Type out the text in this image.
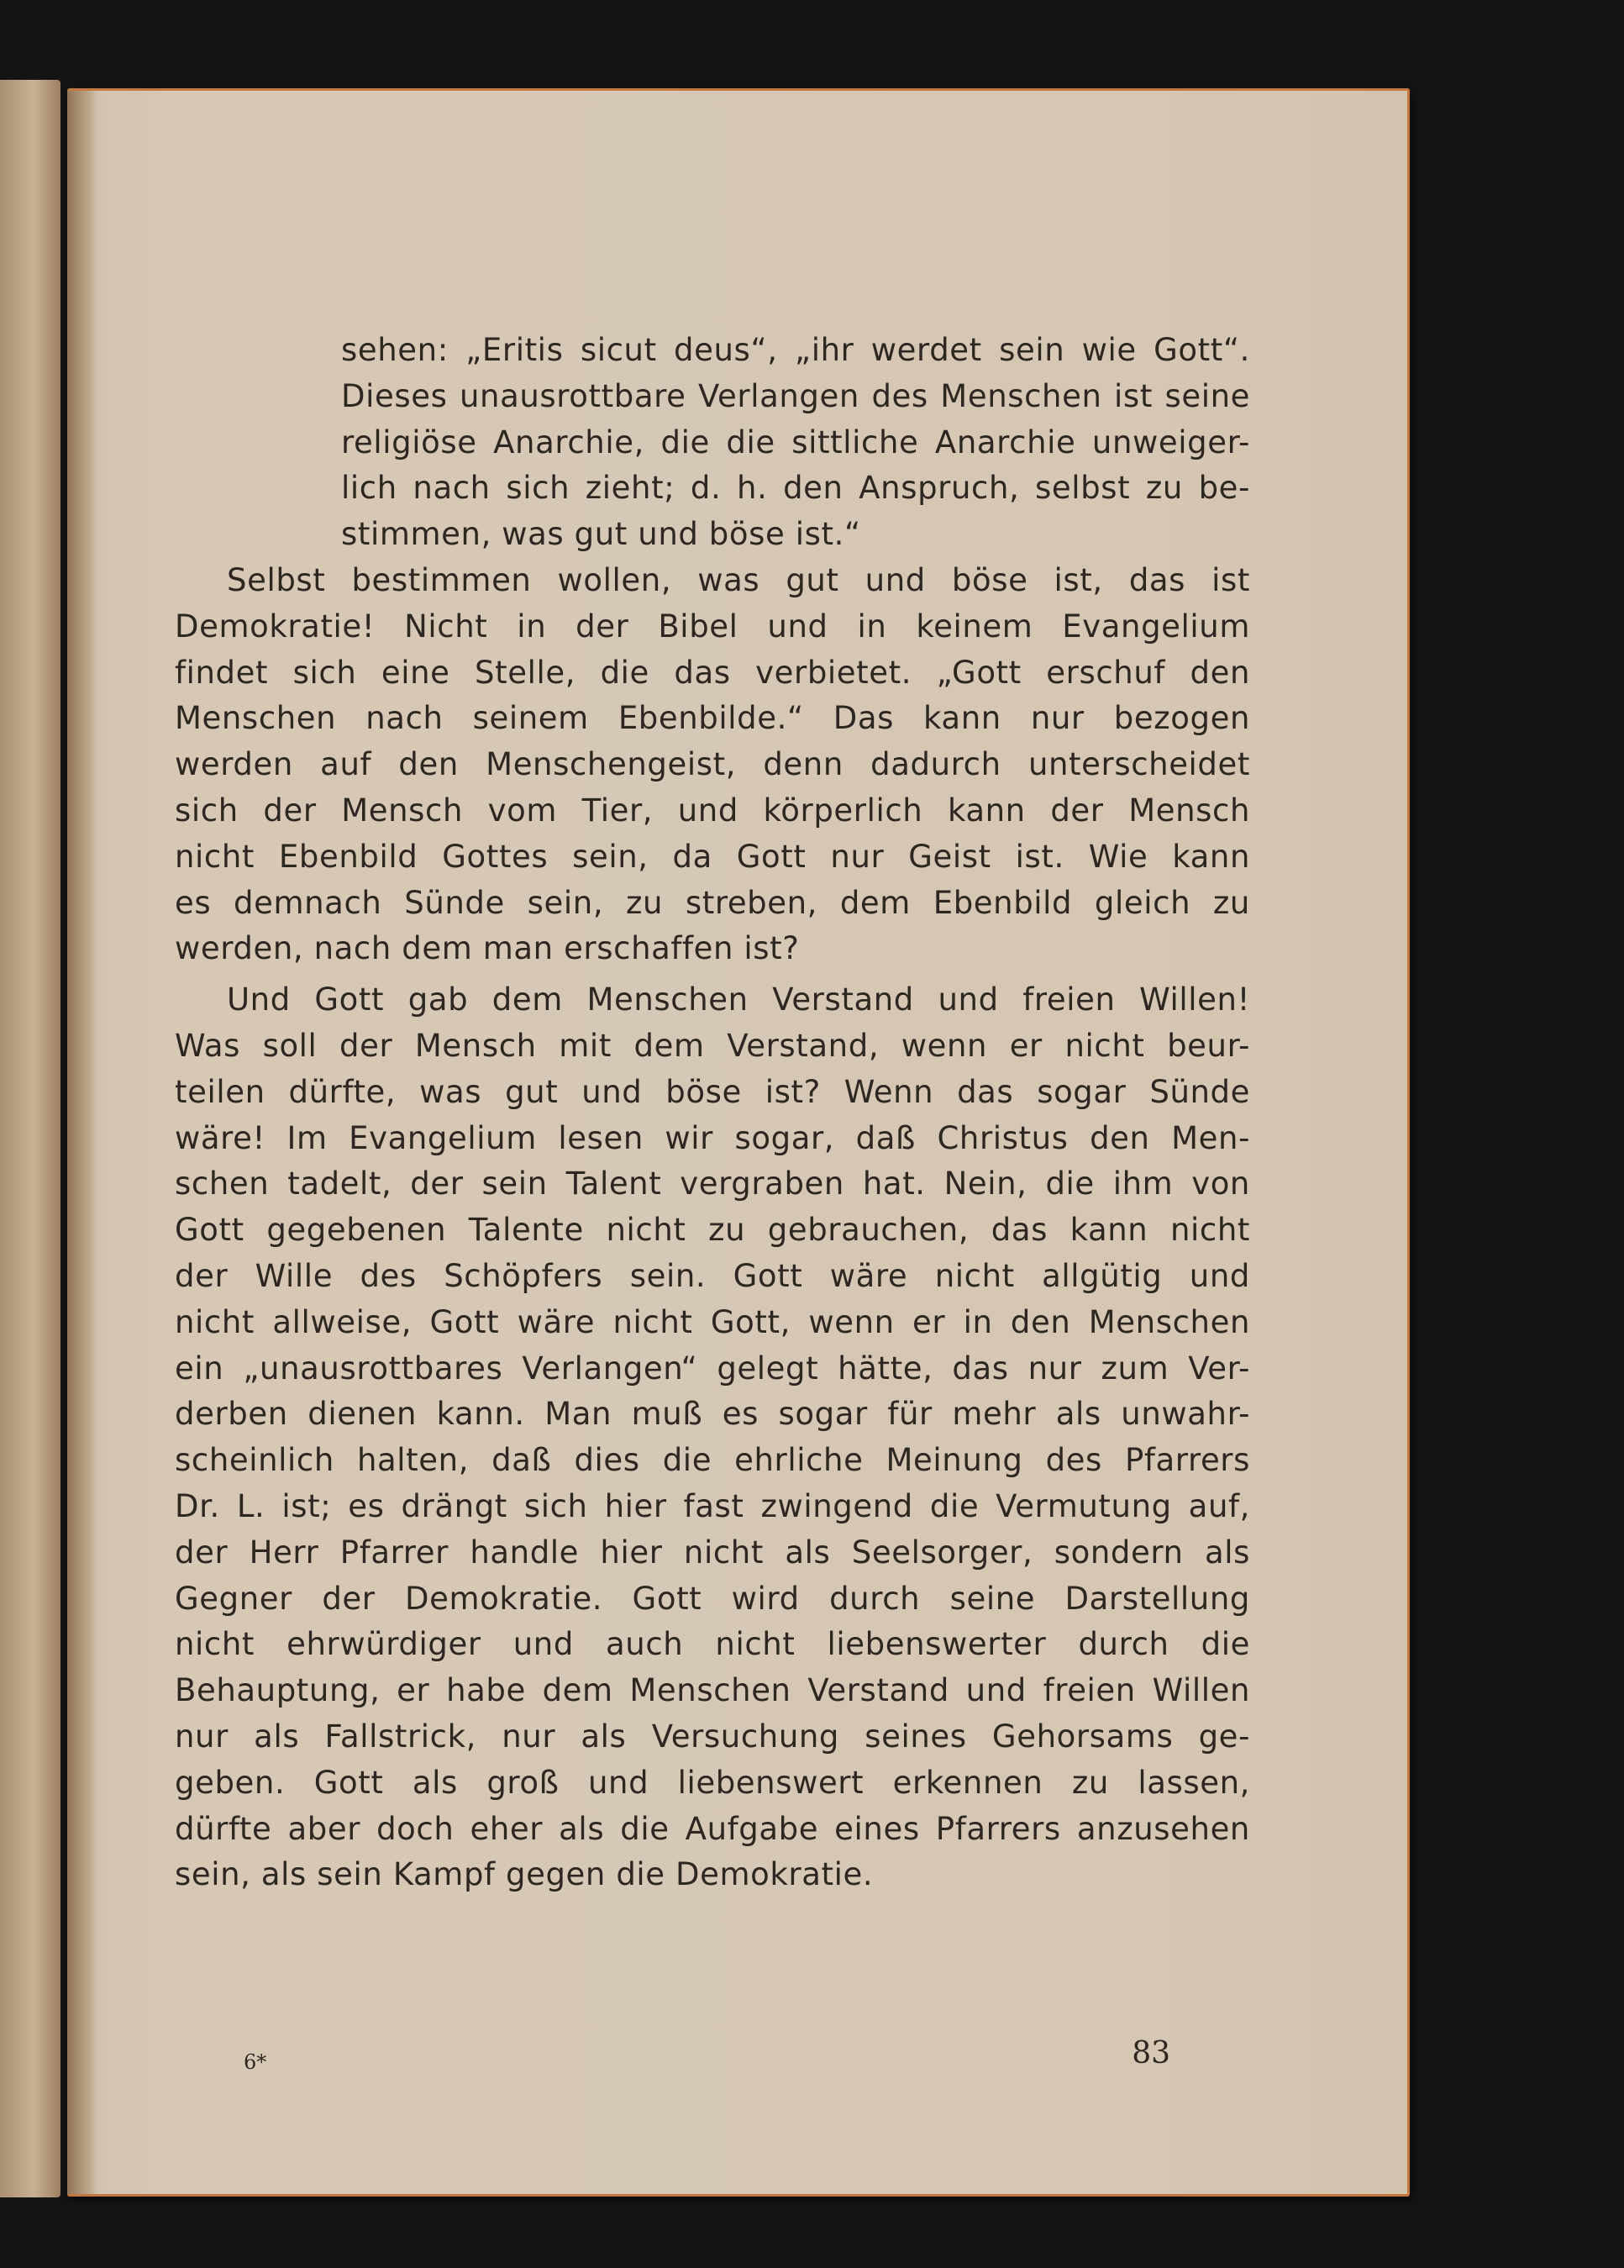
sehen: „Eritis sicut deus“, „ihr werdet sein wie Gott“.
Dieses unausrottbare Verlangen des Menschen ist seine
religiöse Anarchie, die die sittliche Anarchie unweiger-
lich nach sich zieht; d. h. den Anspruch, selbst zu be-
stimmen, was gut und böse ist.“
Selbst bestimmen wollen, was gut und böse ist, das ist
Demokratie! Nicht in der Bibel und in keinem Evangelium
findet sich eine Stelle, die das verbietet. „Gott erschuf den
Menschen nach seinem Ebenbilde.“ Das kann nur bezogen
werden auf den Menschengeist, denn dadurch unterscheidet
sich der Mensch vom Tier, und körperlich kann der Mensch
nicht Ebenbild Gottes sein, da Gott nur Geist ist. Wie kann
es demnach Sünde sein, zu streben, dem Ebenbild gleich zu
werden, nach dem man erschaffen ist?
Und Gott gab dem Menschen Verstand und freien Willen!
Was soll der Mensch mit dem Verstand, wenn er nicht beur-
teilen dürfte, was gut und böse ist? Wenn das sogar Sünde
wäre! Im Evangelium lesen wir sogar, daß Christus den Men-
schen tadelt, der sein Talent vergraben hat. Nein, die ihm von
Gott gegebenen Talente nicht zu gebrauchen, das kann nicht
der Wille des Schöpfers sein. Gott wäre nicht allgütig und
nicht allweise, Gott wäre nicht Gott, wenn er in den Menschen
ein „unausrottbares Verlangen“ gelegt hätte, das nur zum Ver-
derben dienen kann. Man muß es sogar für mehr als unwahr-
scheinlich halten, daß dies die ehrliche Meinung des Pfarrers
Dr. L. ist; es drängt sich hier fast zwingend die Vermutung auf,
der Herr Pfarrer handle hier nicht als Seelsorger, sondern als
Gegner der Demokratie. Gott wird durch seine Darstellung
nicht ehrwürdiger und auch nicht liebenswerter durch die
Behauptung, er habe dem Menschen Verstand und freien Willen
nur als Fallstrick, nur als Versuchung seines Gehorsams ge-
geben. Gott als groß und liebenswert erkennen zu lassen,
dürfte aber doch eher als die Aufgabe eines Pfarrers anzusehen
sein, als sein Kampf gegen die Demokratie.
6*	83
